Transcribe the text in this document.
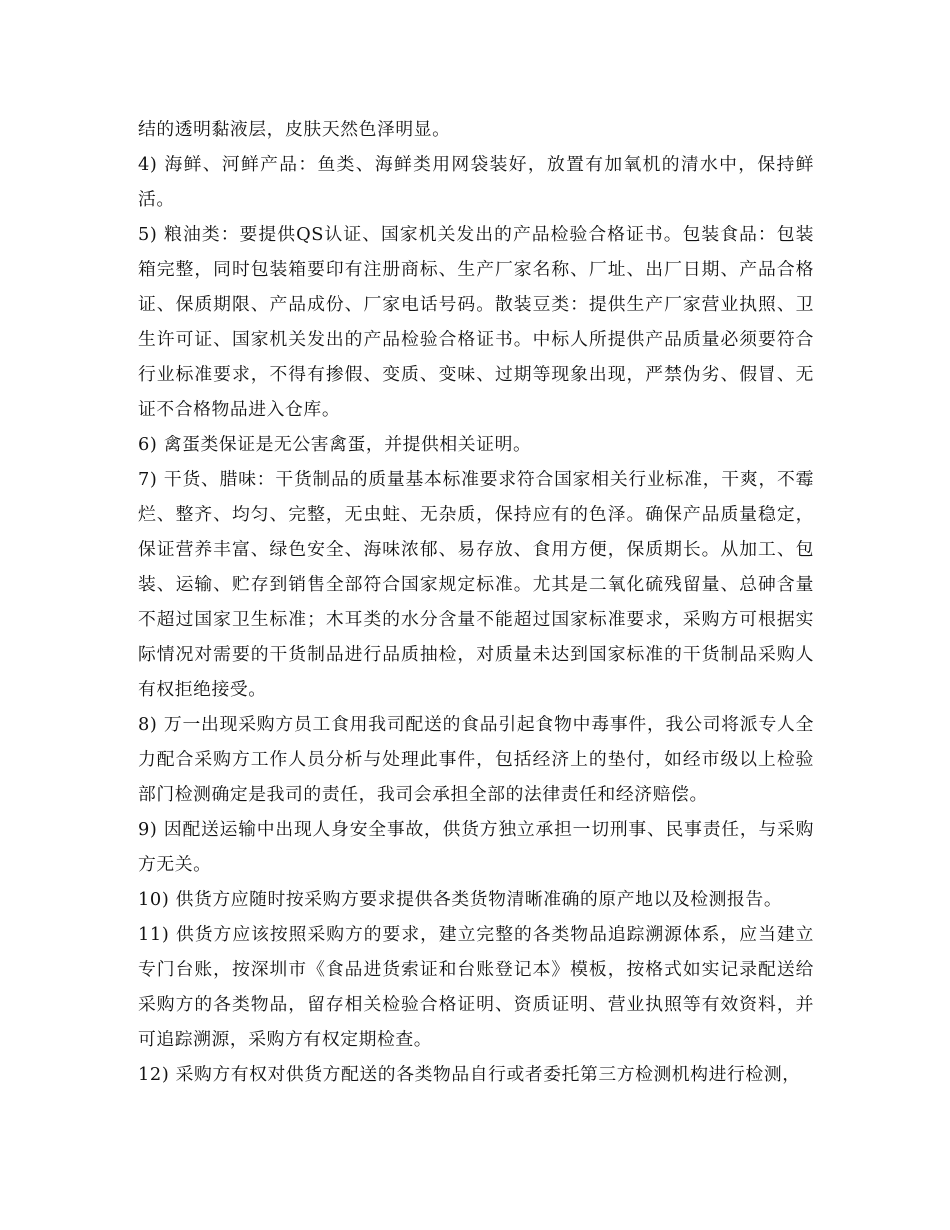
结的透明黏液层，皮肤天然色泽明显。

4) 海鲜、河鲜产品：鱼类、海鲜类用网袋装好，放置有加氧机的清水中，保持鲜活。

5) 粮油类：要提供QS认证、国家机关发出的产品检验合格证书。包装食品：包装箱完整，同时包装箱要印有注册商标、生产厂家名称、厂址、出厂日期、产品合格证、保质期限、产品成份、厂家电话号码。散装豆类：提供生产厂家营业执照、卫生许可证、国家机关发出的产品检验合格证书。中标人所提供产品质量必须要符合行业标准要求，不得有掺假、变质、变味、过期等现象出现，严禁伪劣、假冒、无证不合格物品进入仓库。

6) 禽蛋类保证是无公害禽蛋，并提供相关证明。

7) 干货、腊味：干货制品的质量基本标准要求符合国家相关行业标准，干爽，不霉烂、整齐、均匀、完整，无虫蛀、无杂质，保持应有的色泽。确保产品质量稳定，保证营养丰富、绿色安全、海味浓郁、易存放、食用方便，保质期长。从加工、包装、运输、贮存到销售全部符合国家规定标准。尤其是二氧化硫残留量、总砷含量不超过国家卫生标准；木耳类的水分含量不能超过国家标准要求，采购方可根据实际情况对需要的干货制品进行品质抽检，对质量未达到国家标准的干货制品采购人有权拒绝接受。

8) 万一出现采购方员工食用我司配送的食品引起食物中毒事件，我公司将派专人全力配合采购方工作人员分析与处理此事件，包括经济上的垫付，如经市级以上检验部门检测确定是我司的责任，我司会承担全部的法律责任和经济赔偿。

9) 因配送运输中出现人身安全事故，供货方独立承担一切刑事、民事责任，与采购方无关。

10) 供货方应随时按采购方要求提供各类货物清晰准确的原产地以及检测报告。

11) 供货方应该按照采购方的要求，建立完整的各类物品追踪溯源体系，应当建立专门台账，按深圳市《食品进货索证和台账登记本》模板，按格式如实记录配送给采购方的各类物品，留存相关检验合格证明、资质证明、营业执照等有效资料，并可追踪溯源，采购方有权定期检查。

12) 采购方有权对供货方配送的各类物品自行或者委托第三方检测机构进行检测，
